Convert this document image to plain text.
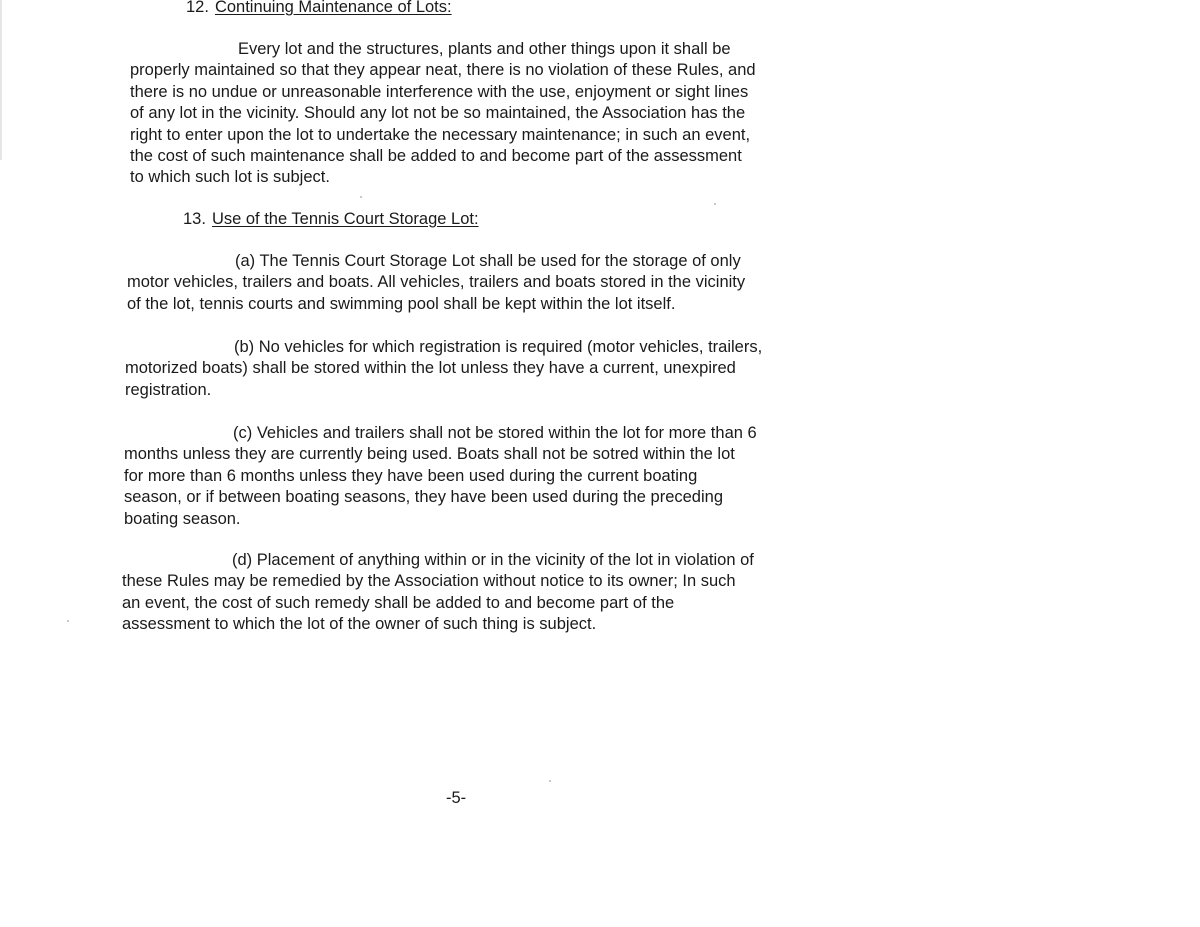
12. Continuing Maintenance of Lots:
Every lot and the structures, plants and other things upon it shall be
properly maintained so that they appear neat, there is no violation of these Rules, and
there is no undue or unreasonable interference with the use, enjoyment or sight lines
of any lot in the vicinity. Should any lot not be so maintained, the Association has the
right to enter upon the lot to undertake the necessary maintenance; in such an event,
the cost of such maintenance shall be added to and become part of the assessment
to which such lot is subject.
13. Use of the Tennis Court Storage Lot:
(a) The Tennis Court Storage Lot shall be used for the storage of only
motor vehicles, trailers and boats. All vehicles, trailers and boats stored in the vicinity
of the lot, tennis courts and swimming pool shall be kept within the lot itself.
(b) No vehicles for which registration is required (motor vehicles, trailers,
motorized boats) shall be stored within the lot unless they have a current, unexpired
registration.
(c) Vehicles and trailers shall not be stored within the lot for more than 6
months unless they are currently being used. Boats shall not be sotred within the lot
for more than 6 months unless they have been used during the current boating
season, or if between boating seasons, they have been used during the preceding
boating season.
(d) Placement of anything within or in the vicinity of the lot in violation of
these Rules may be remedied by the Association without notice to its owner; In such
an event, the cost of such remedy shall be added to and become part of the
assessment to which the lot of the owner of such thing is subject.
-5-
